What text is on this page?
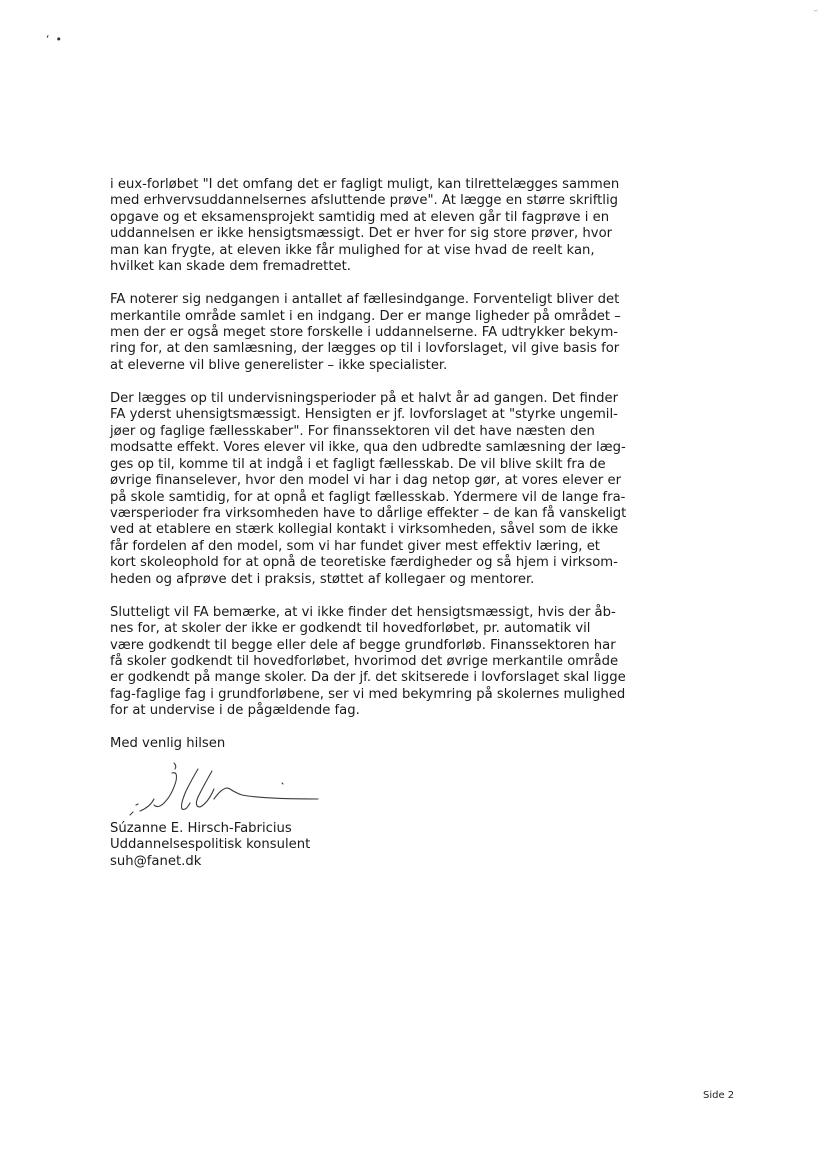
‘•
–

i eux-forløbet "I det omfang det er fagligt muligt, kan tilrettelægges sammen
med erhvervsuddannelsernes afsluttende prøve". At lægge en større skriftlig
opgave og et eksamensprojekt samtidig med at eleven går til fagprøve i en
uddannelsen er ikke hensigtsmæssigt. Det er hver for sig store prøver, hvor
man kan frygte, at eleven ikke får mulighed for at vise hvad de reelt kan,
hvilket kan skade dem fremadrettet.

FA noterer sig nedgangen i antallet af fællesindgange. Forventeligt bliver det
merkantile område samlet i en indgang. Der er mange ligheder på området –
men der er også meget store forskelle i uddannelserne. FA udtrykker bekym-
ring for, at den samlæsning, der lægges op til i lovforslaget, vil give basis for
at eleverne vil blive generelister – ikke specialister.

Der lægges op til undervisningsperioder på et halvt år ad gangen. Det finder
FA yderst uhensigtsmæssigt. Hensigten er jf. lovforslaget at "styrke ungemil-
jøer og faglige fællesskaber". For finanssektoren vil det have næsten den
modsatte effekt. Vores elever vil ikke, qua den udbredte samlæsning der læg-
ges op til, komme til at indgå i et fagligt fællesskab. De vil blive skilt fra de
øvrige finanselever, hvor den model vi har i dag netop gør, at vores elever er
på skole samtidig, for at opnå et fagligt fællesskab. Ydermere vil de lange fra-
værsperioder fra virksomheden have to dårlige effekter – de kan få vanskeligt
ved at etablere en stærk kollegial kontakt i virksomheden, såvel som de ikke
får fordelen af den model, som vi har fundet giver mest effektiv læring, et
kort skoleophold for at opnå de teoretiske færdigheder og så hjem i virksom-
heden og afprøve det i praksis, støttet af kollegaer og mentorer.

Slutteligt vil FA bemærke, at vi ikke finder det hensigtsmæssigt, hvis der åb-
nes for, at skoler der ikke er godkendt til hovedforløbet, pr. automatik vil
være godkendt til begge eller dele af begge grundforløb. Finanssektoren har
få skoler godkendt til hovedforløbet, hvorimod det øvrige merkantile område
er godkendt på mange skoler. Da der jf. det skitserede i lovforslaget skal ligge
fag-faglige fag i grundforløbene, ser vi med bekymring på skolernes mulighed
for at undervise i de pågældende fag.

Med venlig hilsen
Súzanne E. Hirsch-Fabricius
Uddannelsespolitisk konsulent
suh@fanet.dk
Side 2
